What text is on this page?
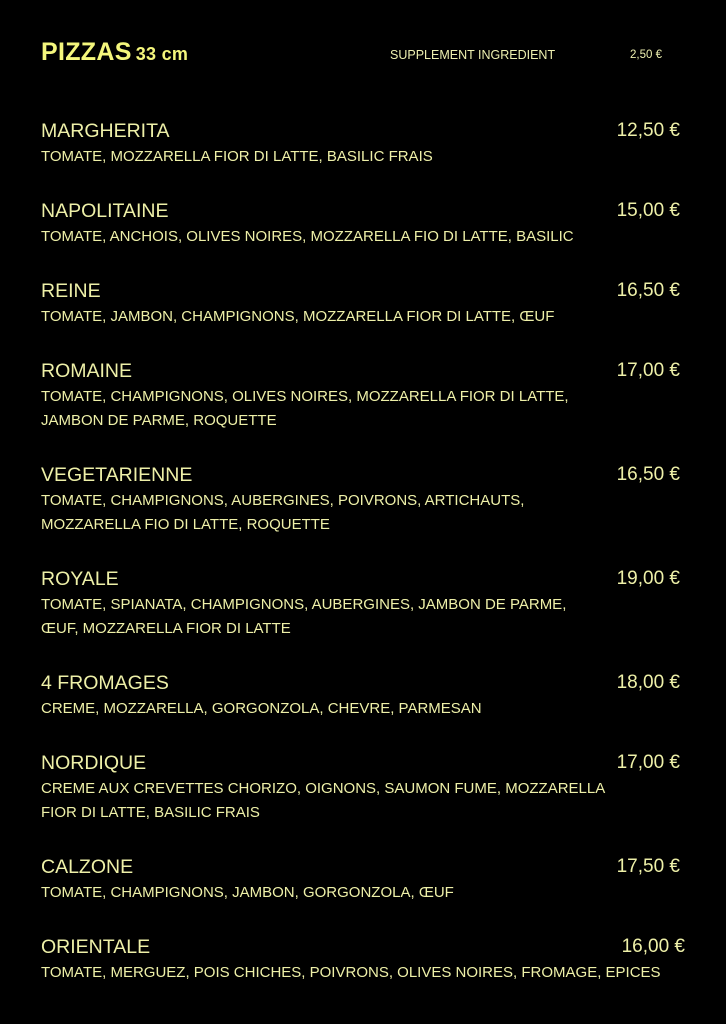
PIZZAS 33 cm	SUPPLEMENT INGREDIENT	2,50 €
MARGHERITA	12,50 €
TOMATE, MOZZARELLA FIOR DI LATTE, BASILIC FRAIS
NAPOLITAINE	15,00 €
TOMATE, ANCHOIS, OLIVES NOIRES, MOZZARELLA FIO DI LATTE, BASILIC
REINE	16,50 €
TOMATE, JAMBON, CHAMPIGNONS, MOZZARELLA FIOR DI LATTE, ŒUF
ROMAINE	17,00 €
TOMATE, CHAMPIGNONS, OLIVES NOIRES, MOZZARELLA FIOR DI LATTE,
JAMBON DE PARME, ROQUETTE
VEGETARIENNE	16,50 €
TOMATE, CHAMPIGNONS, AUBERGINES, POIVRONS, ARTICHAUTS,
MOZZARELLA FIO DI LATTE, ROQUETTE
ROYALE	19,00 €
TOMATE, SPIANATA, CHAMPIGNONS, AUBERGINES, JAMBON DE PARME,
ŒUF, MOZZARELLA FIOR DI LATTE
4 FROMAGES	18,00 €
CREME, MOZZARELLA, GORGONZOLA, CHEVRE, PARMESAN
NORDIQUE	17,00 €
CREME AUX CREVETTES CHORIZO, OIGNONS, SAUMON FUME, MOZZARELLA
FIOR DI LATTE, BASILIC FRAIS
CALZONE	17,50 €
TOMATE, CHAMPIGNONS, JAMBON, GORGONZOLA, ŒUF
ORIENTALE	16,00 €
TOMATE, MERGUEZ, POIS CHICHES, POIVRONS, OLIVES NOIRES, FROMAGE, EPICES
